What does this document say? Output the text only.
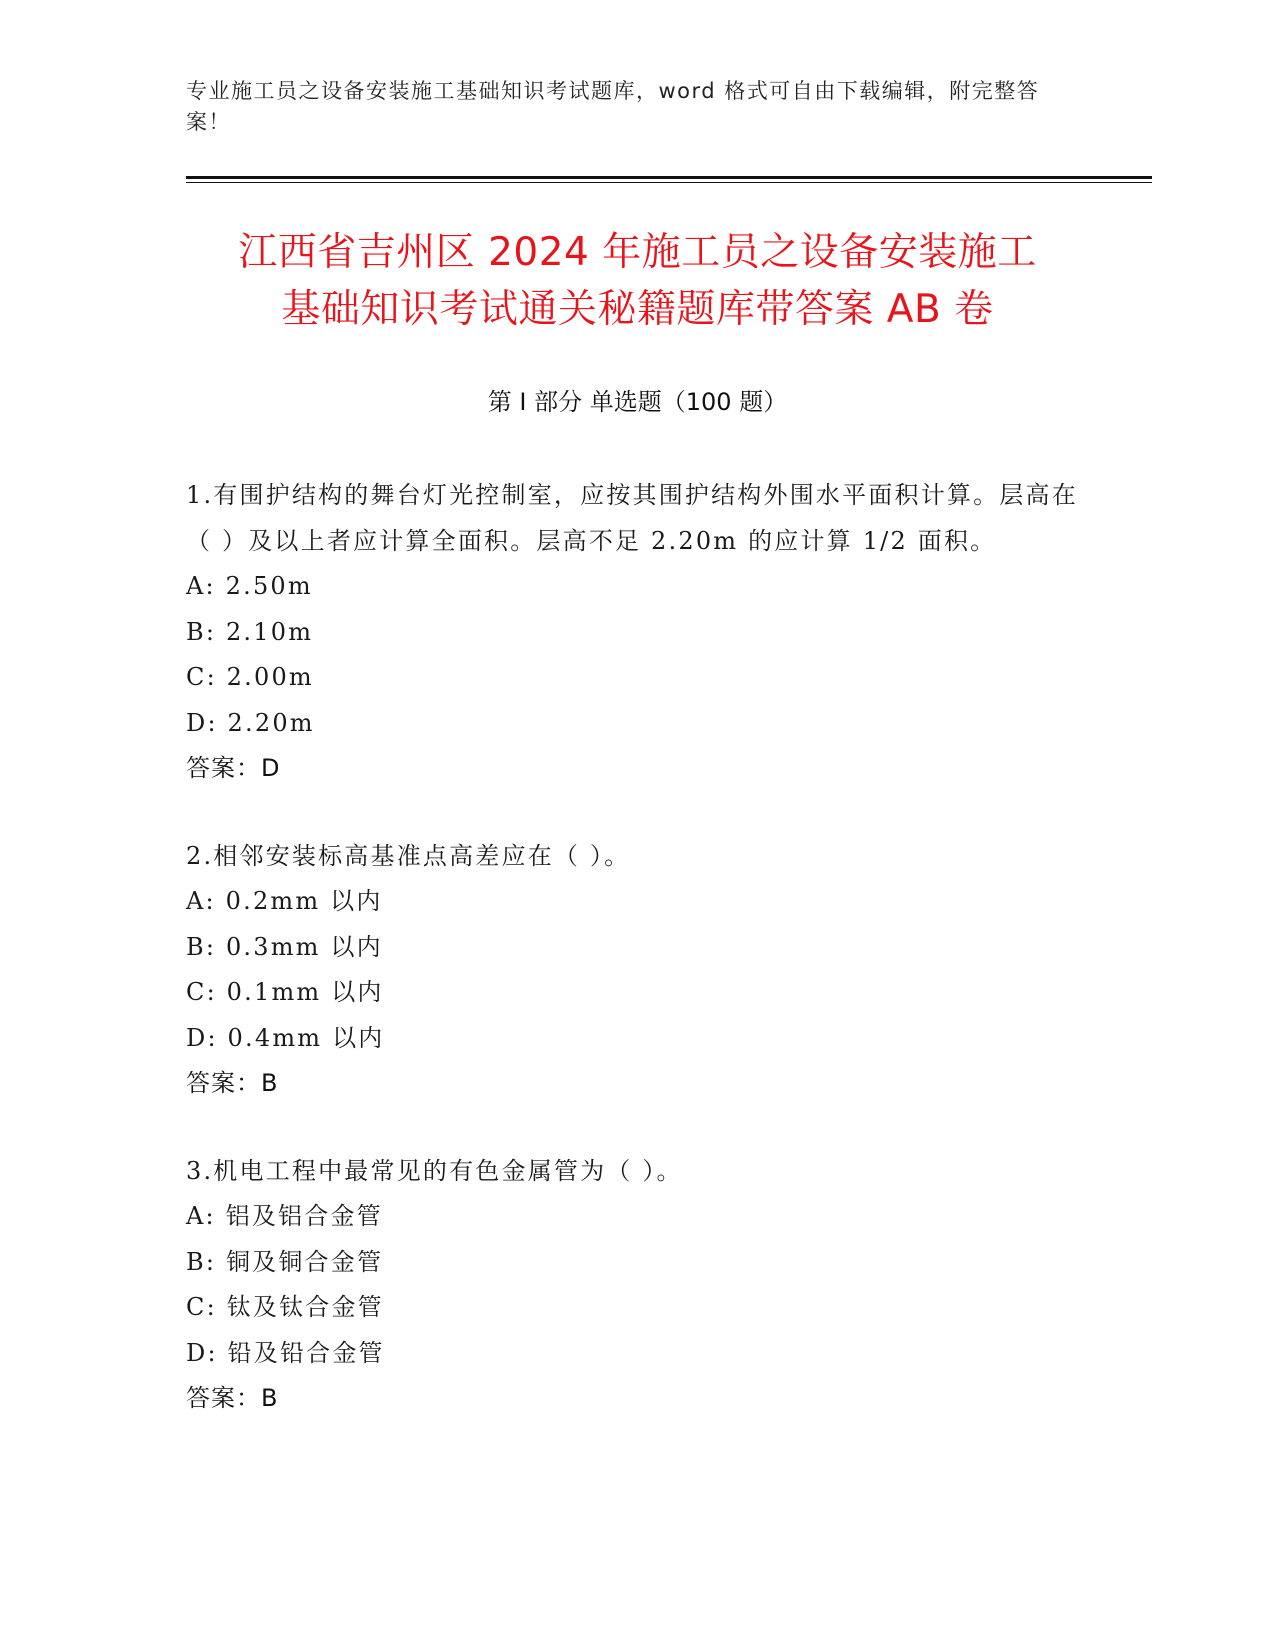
专业施工员之设备安装施工基础知识考试题库，word 格式可自由下载编辑，附完整答案！
江西省吉州区 2024 年施工员之设备安装施工
基础知识考试通关秘籍题库带答案 AB 卷
第 I 部分 单选题（100 题）

1.有围护结构的舞台灯光控制室，应按其围护结构外围水平面积计算。层高在（ ）及以上者应计算全面积。层高不足 2.20m 的应计算 1/2 面积。

A: 2.50m

B: 2.10m

C: 2.00m

D: 2.20m

答案：D

2.相邻安装标高基准点高差应在（ ）。

A: 0.2mm 以内

B: 0.3mm 以内

C: 0.1mm 以内

D: 0.4mm 以内

答案：B

3.机电工程中最常见的有色金属管为（ ）。

A: 铝及铝合金管

B: 铜及铜合金管

C: 钛及钛合金管

D: 铅及铅合金管

答案：B
